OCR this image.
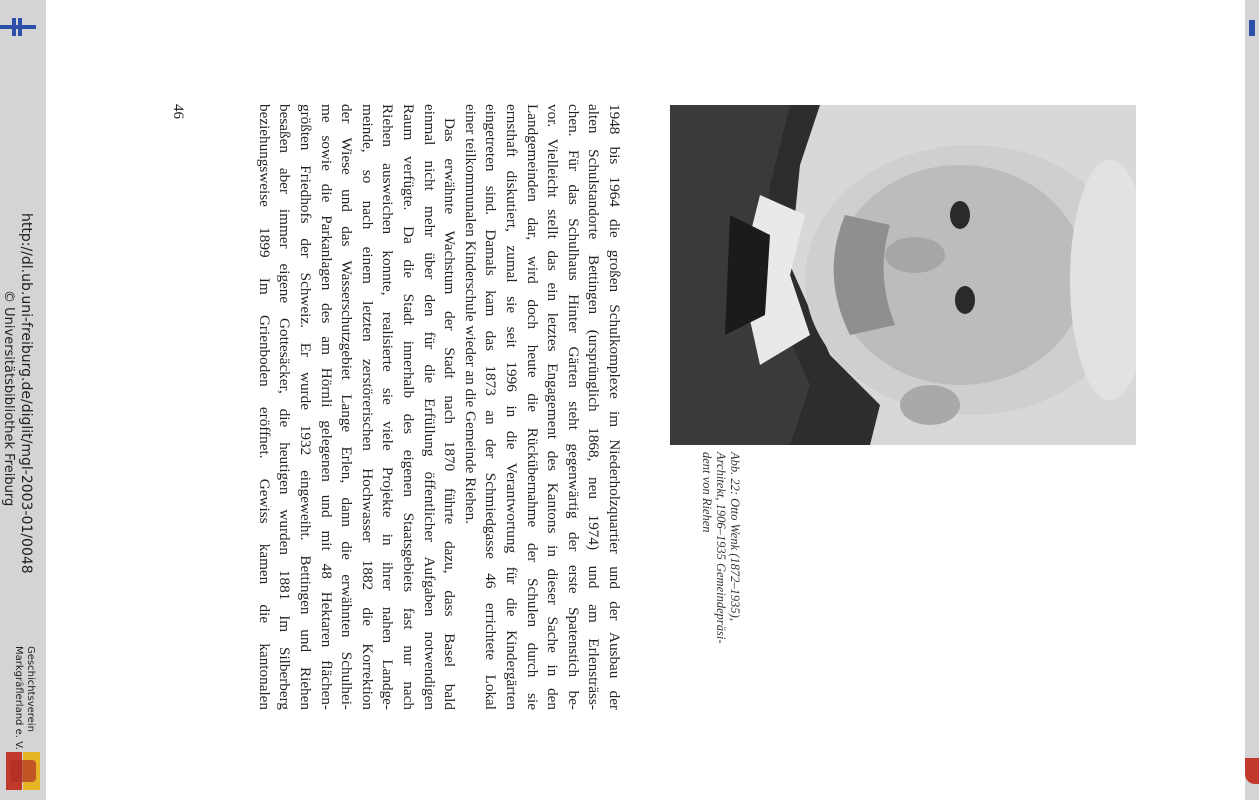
http://dl.ub.uni-freiburg.de/diglit/mgl-2003-01/0048
© Universitätsbibliothek Freiburg
Geschichtsverein
Markgräflerland e. V.
46
Abb. 22: Otto Wenk (1872–1935),
Architekt, 1906–1935 Gemeindepräsi-
dent von Riehen
1948 bis 1964 die großen Schulkomplexe im Niederholzquartier und der Ausbau der
alten Schulstandorte Bettingen (ursprünglich 1868, neu 1974) und am Erlensträss-
chen. Für das Schulhaus Hinter Gärten steht gegenwärtig der erste Spatenstich be-
vor. Vielleicht stellt das ein letztes Engagement des Kantons in dieser Sache in den
Landgemeinden dar, wird doch heute die Rückübernahme der Schulen durch sie
ernsthaft diskutiert, zumal sie seit 1996 in die Verantwortung für die Kindergärten
eingetreten sind. Damals kam das 1873 an der Schmiedgasse 46 errichtete Lokal
einer teilkommunalen Kinderschule wieder an die Gemeinde Riehen.
Das erwähnte Wachstum der Stadt nach 1870 führte dazu, dass Basel bald
einmal nicht mehr über den für die Erfüllung öffentlicher Aufgaben notwendigen
Raum verfügte. Da die Stadt innerhalb des eigenen Staatsgebiets fast nur nach
Riehen ausweichen konnte, realisierte sie viele Projekte in ihrer nahen Landge-
meinde, so nach einem letzten zerstörerischen Hochwasser 1882 die Korrektion
der Wiese und das Wasserschutzgebiet Lange Erlen, dann die erwähnten Schulhei-
me sowie die Parkanlagen des am Hörnli gelegenen und mit 48 Hektaren flächen-
größten Friedhofs der Schweiz. Er wurde 1932 eingeweiht. Bettingen und Riehen
besaßen aber immer eigene Gottesäcker, die heutigen wurden 1881 Im Silberberg
beziehungsweise 1899 Im Grienboden eröffnet. Gewiss kamen die kantonalen
